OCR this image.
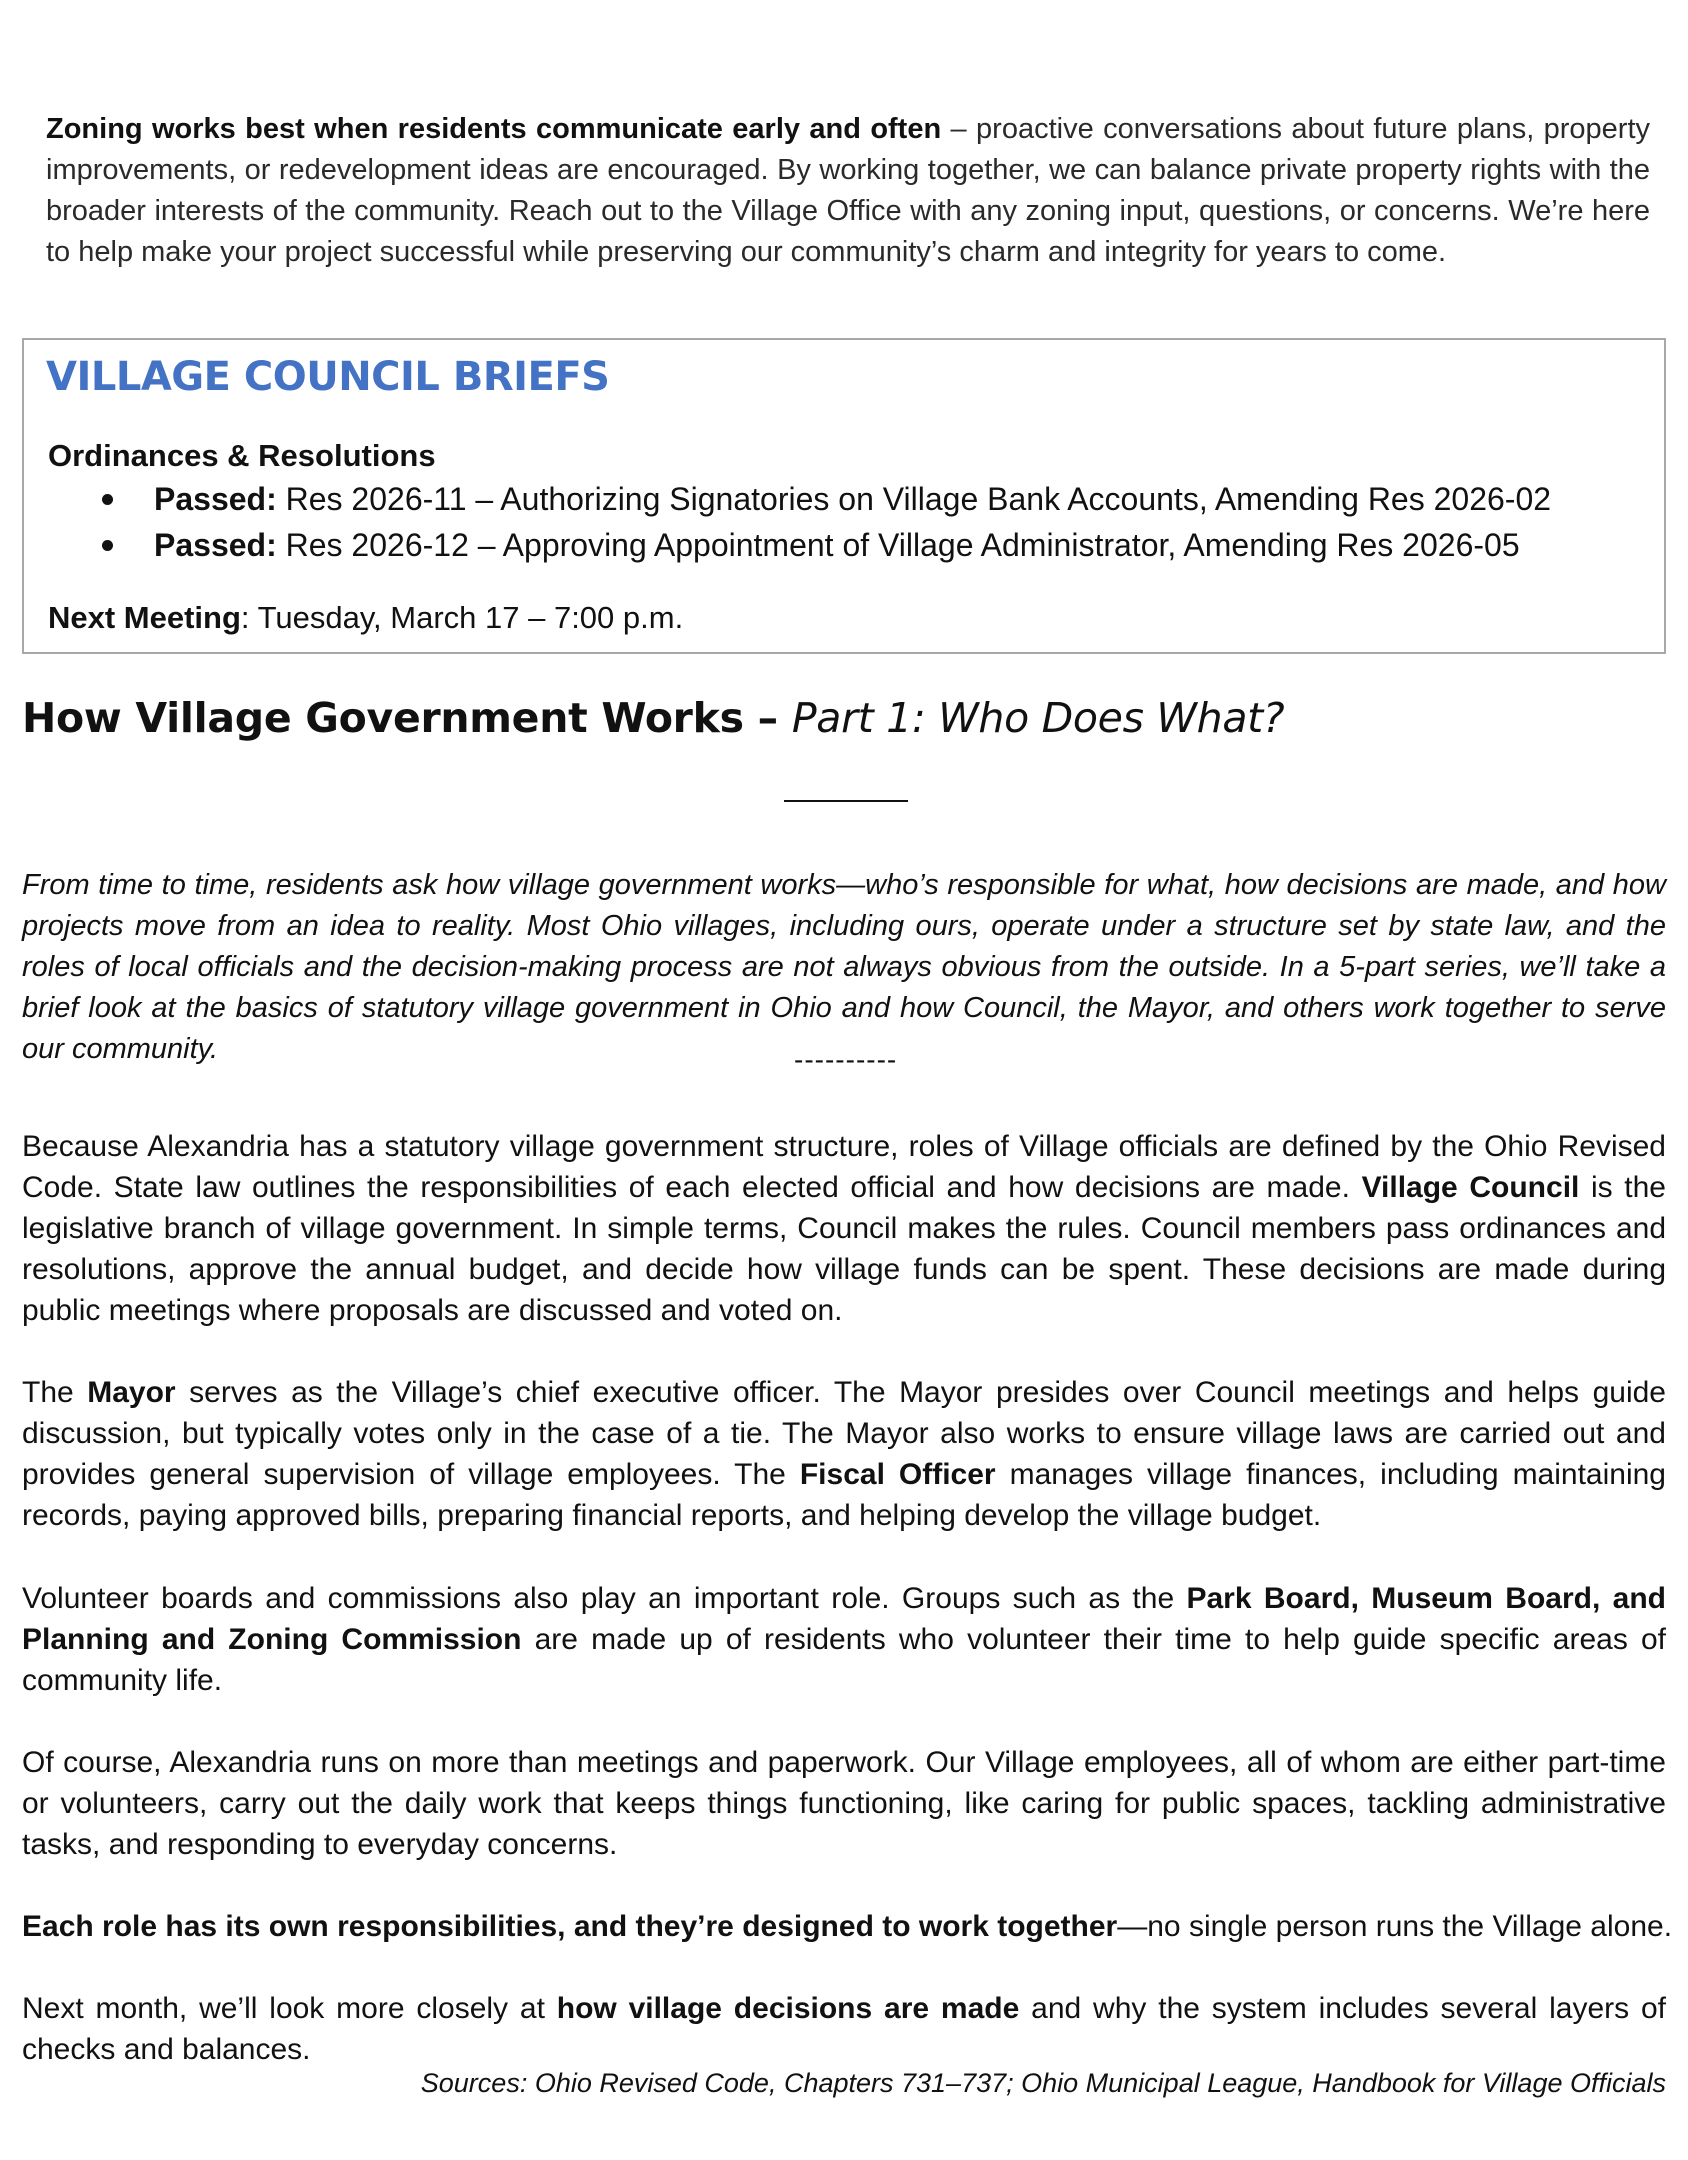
Zoning works best when residents communicate early and often – proactive conversations about future plans, property improvements, or redevelopment ideas are encouraged. By working together, we can balance private property rights with the broader interests of the community. Reach out to the Village Office with any zoning input, questions, or concerns. We’re here to help make your project successful while preserving our community’s charm and integrity for years to come.

VILLAGE COUNCIL BRIEFS
Ordinances & Resolutions
Passed: Res 2026-11 – Authorizing Signatories on Village Bank Accounts, Amending Res 2026-02
Passed: Res 2026-12 – Approving Appointment of Village Administrator, Amending Res 2026-05
Next Meeting: Tuesday, March 17 – 7:00 p.m.
How Village Government Works – Part 1: Who Does What?

From time to time, residents ask how village government works—who’s responsible for what, how decisions are made, and how projects move from an idea to reality. Most Ohio villages, including ours, operate under a structure set by state law, and the roles of local officials and the decision-making process are not always obvious from the outside. In a 5-part series, we’ll take a brief look at the basics of statutory village government in Ohio and how Council, the Mayor, and others work together to serve our community.	----------

Because Alexandria has a statutory village government structure, roles of Village officials are defined by the Ohio Revised Code. State law outlines the responsibilities of each elected official and how decisions are made. Village Council is the legislative branch of village government. In simple terms, Council makes the rules. Council members pass ordinances and resolutions, approve the annual budget, and decide how village funds can be spent. These decisions are made during public meetings where proposals are discussed and voted on.

The Mayor serves as the Village’s chief executive officer. The Mayor presides over Council meetings and helps guide discussion, but typically votes only in the case of a tie. The Mayor also works to ensure village laws are carried out and provides general supervision of village employees. The Fiscal Officer manages village finances, including maintaining records, paying approved bills, preparing financial reports, and helping develop the village budget.

Volunteer boards and commissions also play an important role. Groups such as the Park Board, Museum Board, and Planning and Zoning Commission are made up of residents who volunteer their time to help guide specific areas of community life.

Of course, Alexandria runs on more than meetings and paperwork. Our Village employees, all of whom are either part-time or volunteers, carry out the daily work that keeps things functioning, like caring for public spaces, tackling administrative tasks, and responding to everyday concerns.

Each role has its own responsibilities, and they’re designed to work together—no single person runs the Village alone.

Next month, we’ll look more closely at how village decisions are made and why the system includes several layers of checks and balances.

Sources: Ohio Revised Code, Chapters 731–737; Ohio Municipal League, Handbook for Village Officials
